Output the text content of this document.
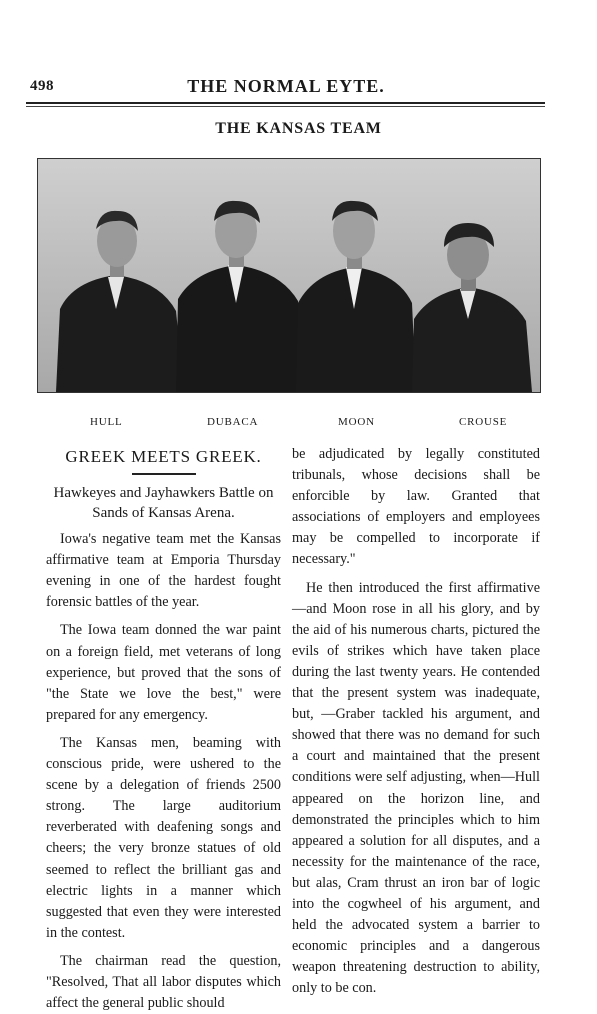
498	THE NORMAL EYTE.
THE KANSAS TEAM
HULL	DUBACA	MOON	CROUSE
GREEK MEETS GREEK.
Hawkeyes and Jayhawkers Battle on
Sands of Kansas Arena.

Iowa's negative team met the Kansas affirmative team at Emporia Thursday evening in one of the hardest fought forensic battles of the year.

The Iowa team donned the war paint on a foreign field, met veterans of long experience, but proved that the sons of "the State we love the best," were prepared for any emergency.

The Kansas men, beaming with conscious pride, were ushered to the scene by a delegation of friends 2500 strong. The large auditorium reverberated with deafening songs and cheers; the very bronze statues of old seemed to reflect the brilliant gas and electric lights in a manner which suggested that even they were interested in the contest.

The chairman read the question, "Resolved, That all labor disputes which affect the general public should

be adjudicated by legally constituted tribunals, whose decisions shall be enforcible by law. Granted that associations of employers and employees may be compelled to incorporate if necessary."

He then introduced the first affirmative—and Moon rose in all his glory, and by the aid of his numerous charts, pictured the evils of strikes which have taken place during the last twenty years. He contended that the present system was inadequate, but, —Graber tackled his argument, and showed that there was no demand for such a court and maintained that the present conditions were self adjusting, when—Hull appeared on the horizon line, and demonstrated the principles which to him appeared a solution for all disputes, and a necessity for the maintenance of the race, but alas, Cram thrust an iron bar of logic into the cogwheel of his argument, and held the advocated system a barrier to economic principles and a dangerous weapon threatening destruction to ability, only to be con.
